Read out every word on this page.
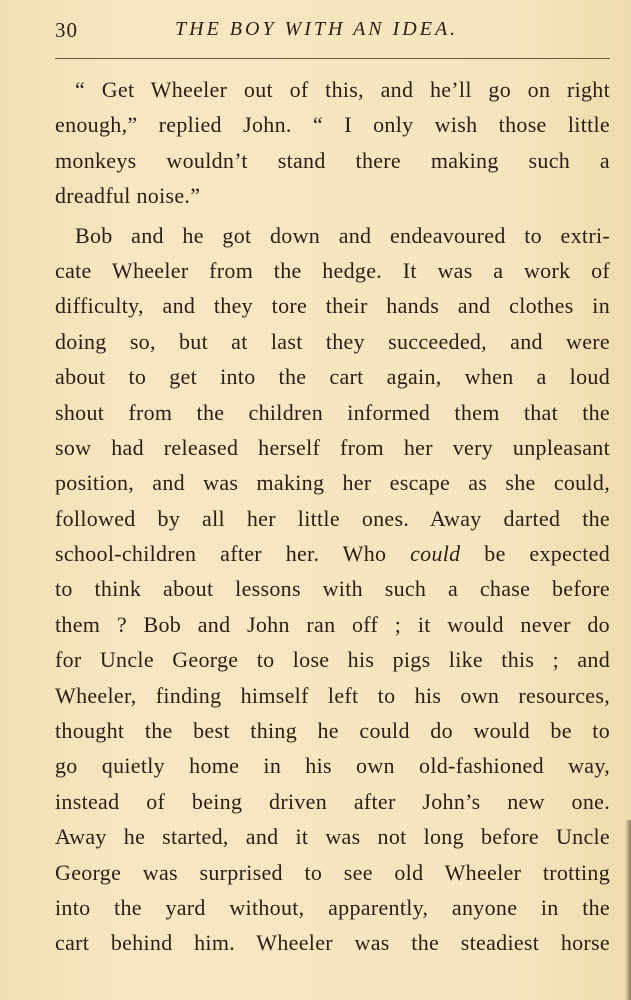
30	THE BOY WITH AN IDEA.
“ Get Wheeler out of this, and he’ll go on right
enough,” replied John. “ I only wish those little
monkeys wouldn’t stand there making such a
dreadful noise.”
Bob and he got down and endeavoured to extri-
cate Wheeler from the hedge. It was a work of
difficulty, and they tore their hands and clothes in
doing so, but at last they succeeded, and were
about to get into the cart again, when a loud
shout from the children informed them that the
sow had released herself from her very unpleasant
position, and was making her escape as she could,
followed by all her little ones. Away darted the
school-children after her. Who could be expected
to think about lessons with such a chase before
them ? Bob and John ran off ; it would never do
for Uncle George to lose his pigs like this ; and
Wheeler, finding himself left to his own resources,
thought the best thing he could do would be to
go quietly home in his own old-fashioned way,
instead of being driven after John’s new one.
Away he started, and it was not long before Uncle
George was surprised to see old Wheeler trotting
into the yard without, apparently, anyone in the
cart behind him. Wheeler was the steadiest horse
